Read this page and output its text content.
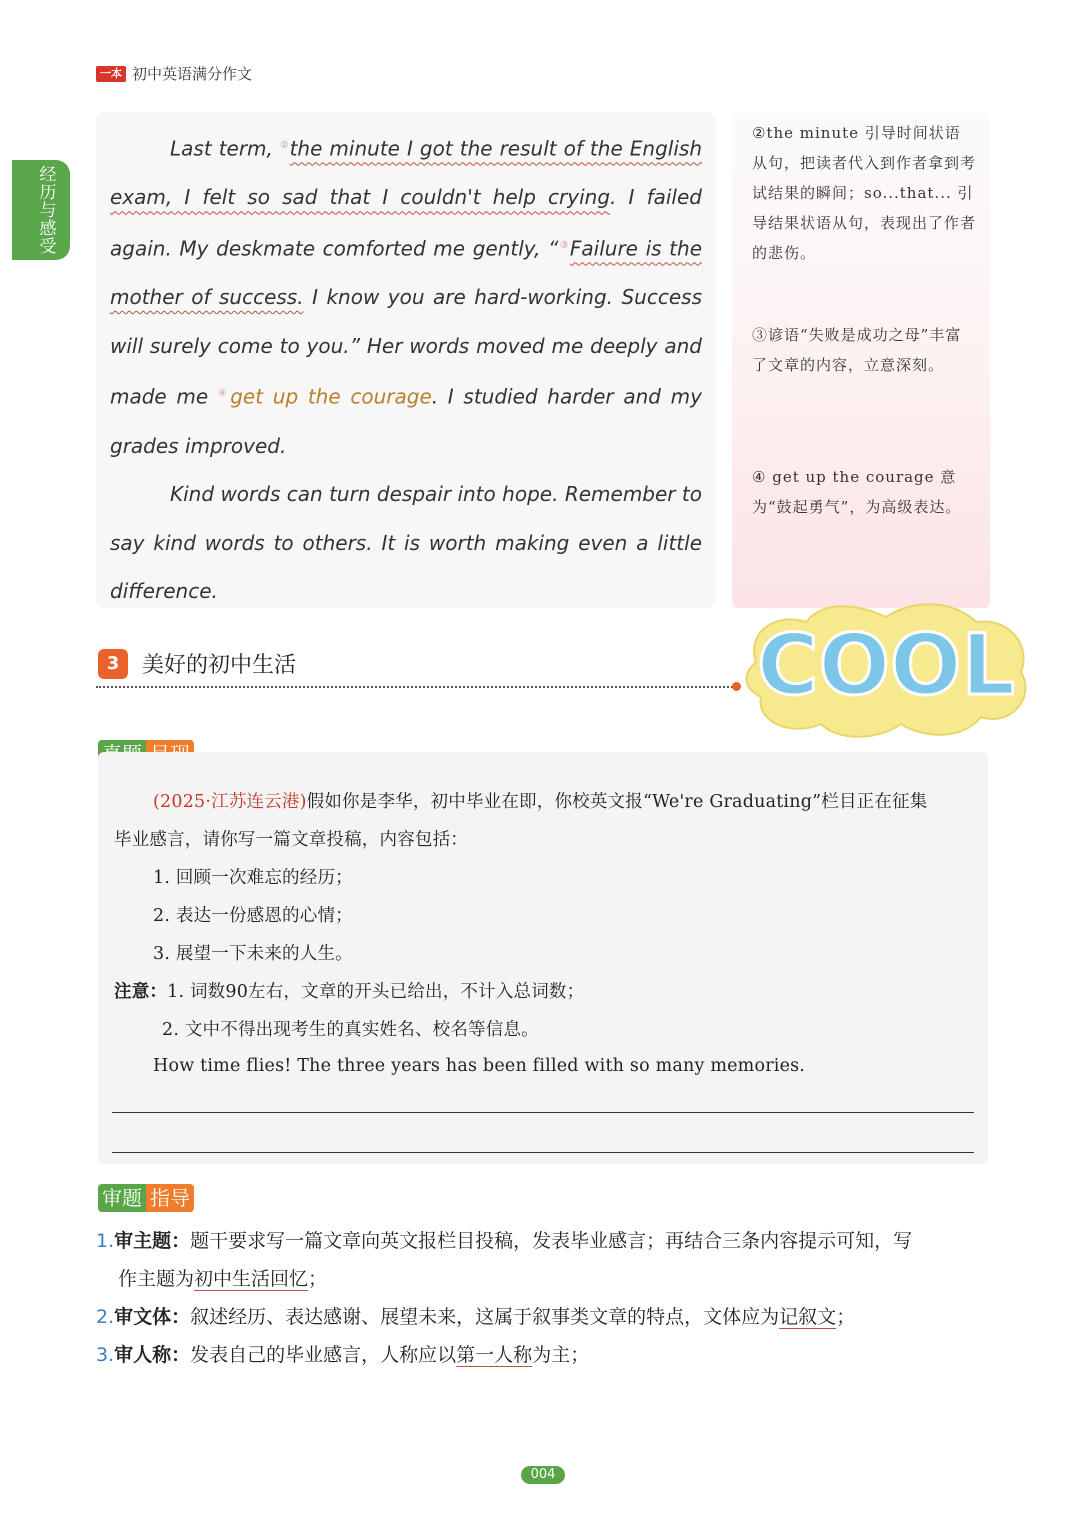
一本 初中英语满分作文
经历与感受

Last term, ②the minute I got the result of the English exam, I felt so sad that I couldn't help crying. I failed again. My deskmate comforted me gently, “③Failure is the mother of success. I know you are hard-working. Success will surely come to you.” Her words moved me deeply and made me ④get up the courage. I studied harder and my grades improved.

Kind words can turn despair into hope. Remember to say kind words to others. It is worth making even a little difference.

②the minute 引导时间状语从句，把读者代入到作者拿到考试结果的瞬间；so...that... 引导结果状语从句，表现出了作者的悲伤。
③谚语“失败是成功之母”丰富了文章的内容，立意深刻。
④ get up the courage 意为“鼓起勇气”，为高级表达。
COOL
3	美好的初中生活
(2025·江苏连云港)假如你是李华，初中毕业在即，你校英文报“We're Graduating”栏目正在征集
毕业感言，请你写一篇文章投稿，内容包括：
1. 回顾一次难忘的经历；
2. 表达一份感恩的心情；
3. 展望一下未来的人生。
注意：1. 词数90左右，文章的开头已给出，不计入总词数；
2. 文中不得出现考生的真实姓名、校名等信息。
How time flies! The three years has been filled with so many memories.
审题 指导
1.审主题：题干要求写一篇文章向英文报栏目投稿，发表毕业感言；再结合三条内容提示可知，写
作主题为初中生活回忆；
2.审文体：叙述经历、表达感谢、展望未来，这属于叙事类文章的特点，文体应为记叙文；
3.审人称：发表自己的毕业感言，人称应以第一人称为主；
004
